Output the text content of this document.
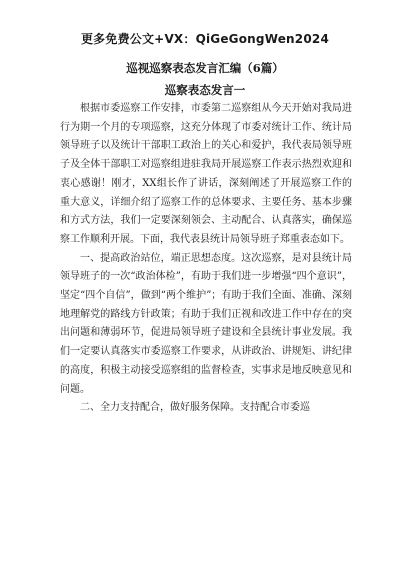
更多免费公文+VX：QiGeGongWen2024
巡视巡察表态发言汇编（6篇）
巡察表态发言一

根据市委巡察工作安排，市委第二巡察组从今天开始对我局进行为期一个月的专项巡察，这充分体现了市委对统计工作、统计局领导班子以及统计干部职工政治上的关心和爱护，我代表局领导班子及全体干部职工对巡察组进驻我局开展巡察工作表示热烈欢迎和衷心感谢！刚才，XX组长作了讲话，深刻阐述了开展巡察工作的重大意义，详细介绍了巡察工作的总体要求、主要任务、基本步骤和方式方法，我们一定要深刻领会、主动配合、认真落实，确保巡察工作顺利开展。下面，我代表县统计局领导班子郑重表态如下。

一、提高政治站位，端正思想态度。这次巡察，是对县统计局领导班子的一次“政治体检”，有助于我们进一步增强“四个意识”，坚定“四个自信”，做到“两个维护”；有助于我们全面、准确、深刻地理解党的路线方针政策；有助于我们正视和改进工作中存在的突出问题和薄弱环节，促进局领导班子建设和全县统计事业发展。我们一定要认真落实市委巡察工作要求，从讲政治、讲规矩、讲纪律的高度，积极主动接受巡察组的监督检查，实事求是地反映意见和问题。

二、全力支持配合，做好服务保障。支持配合市委巡
